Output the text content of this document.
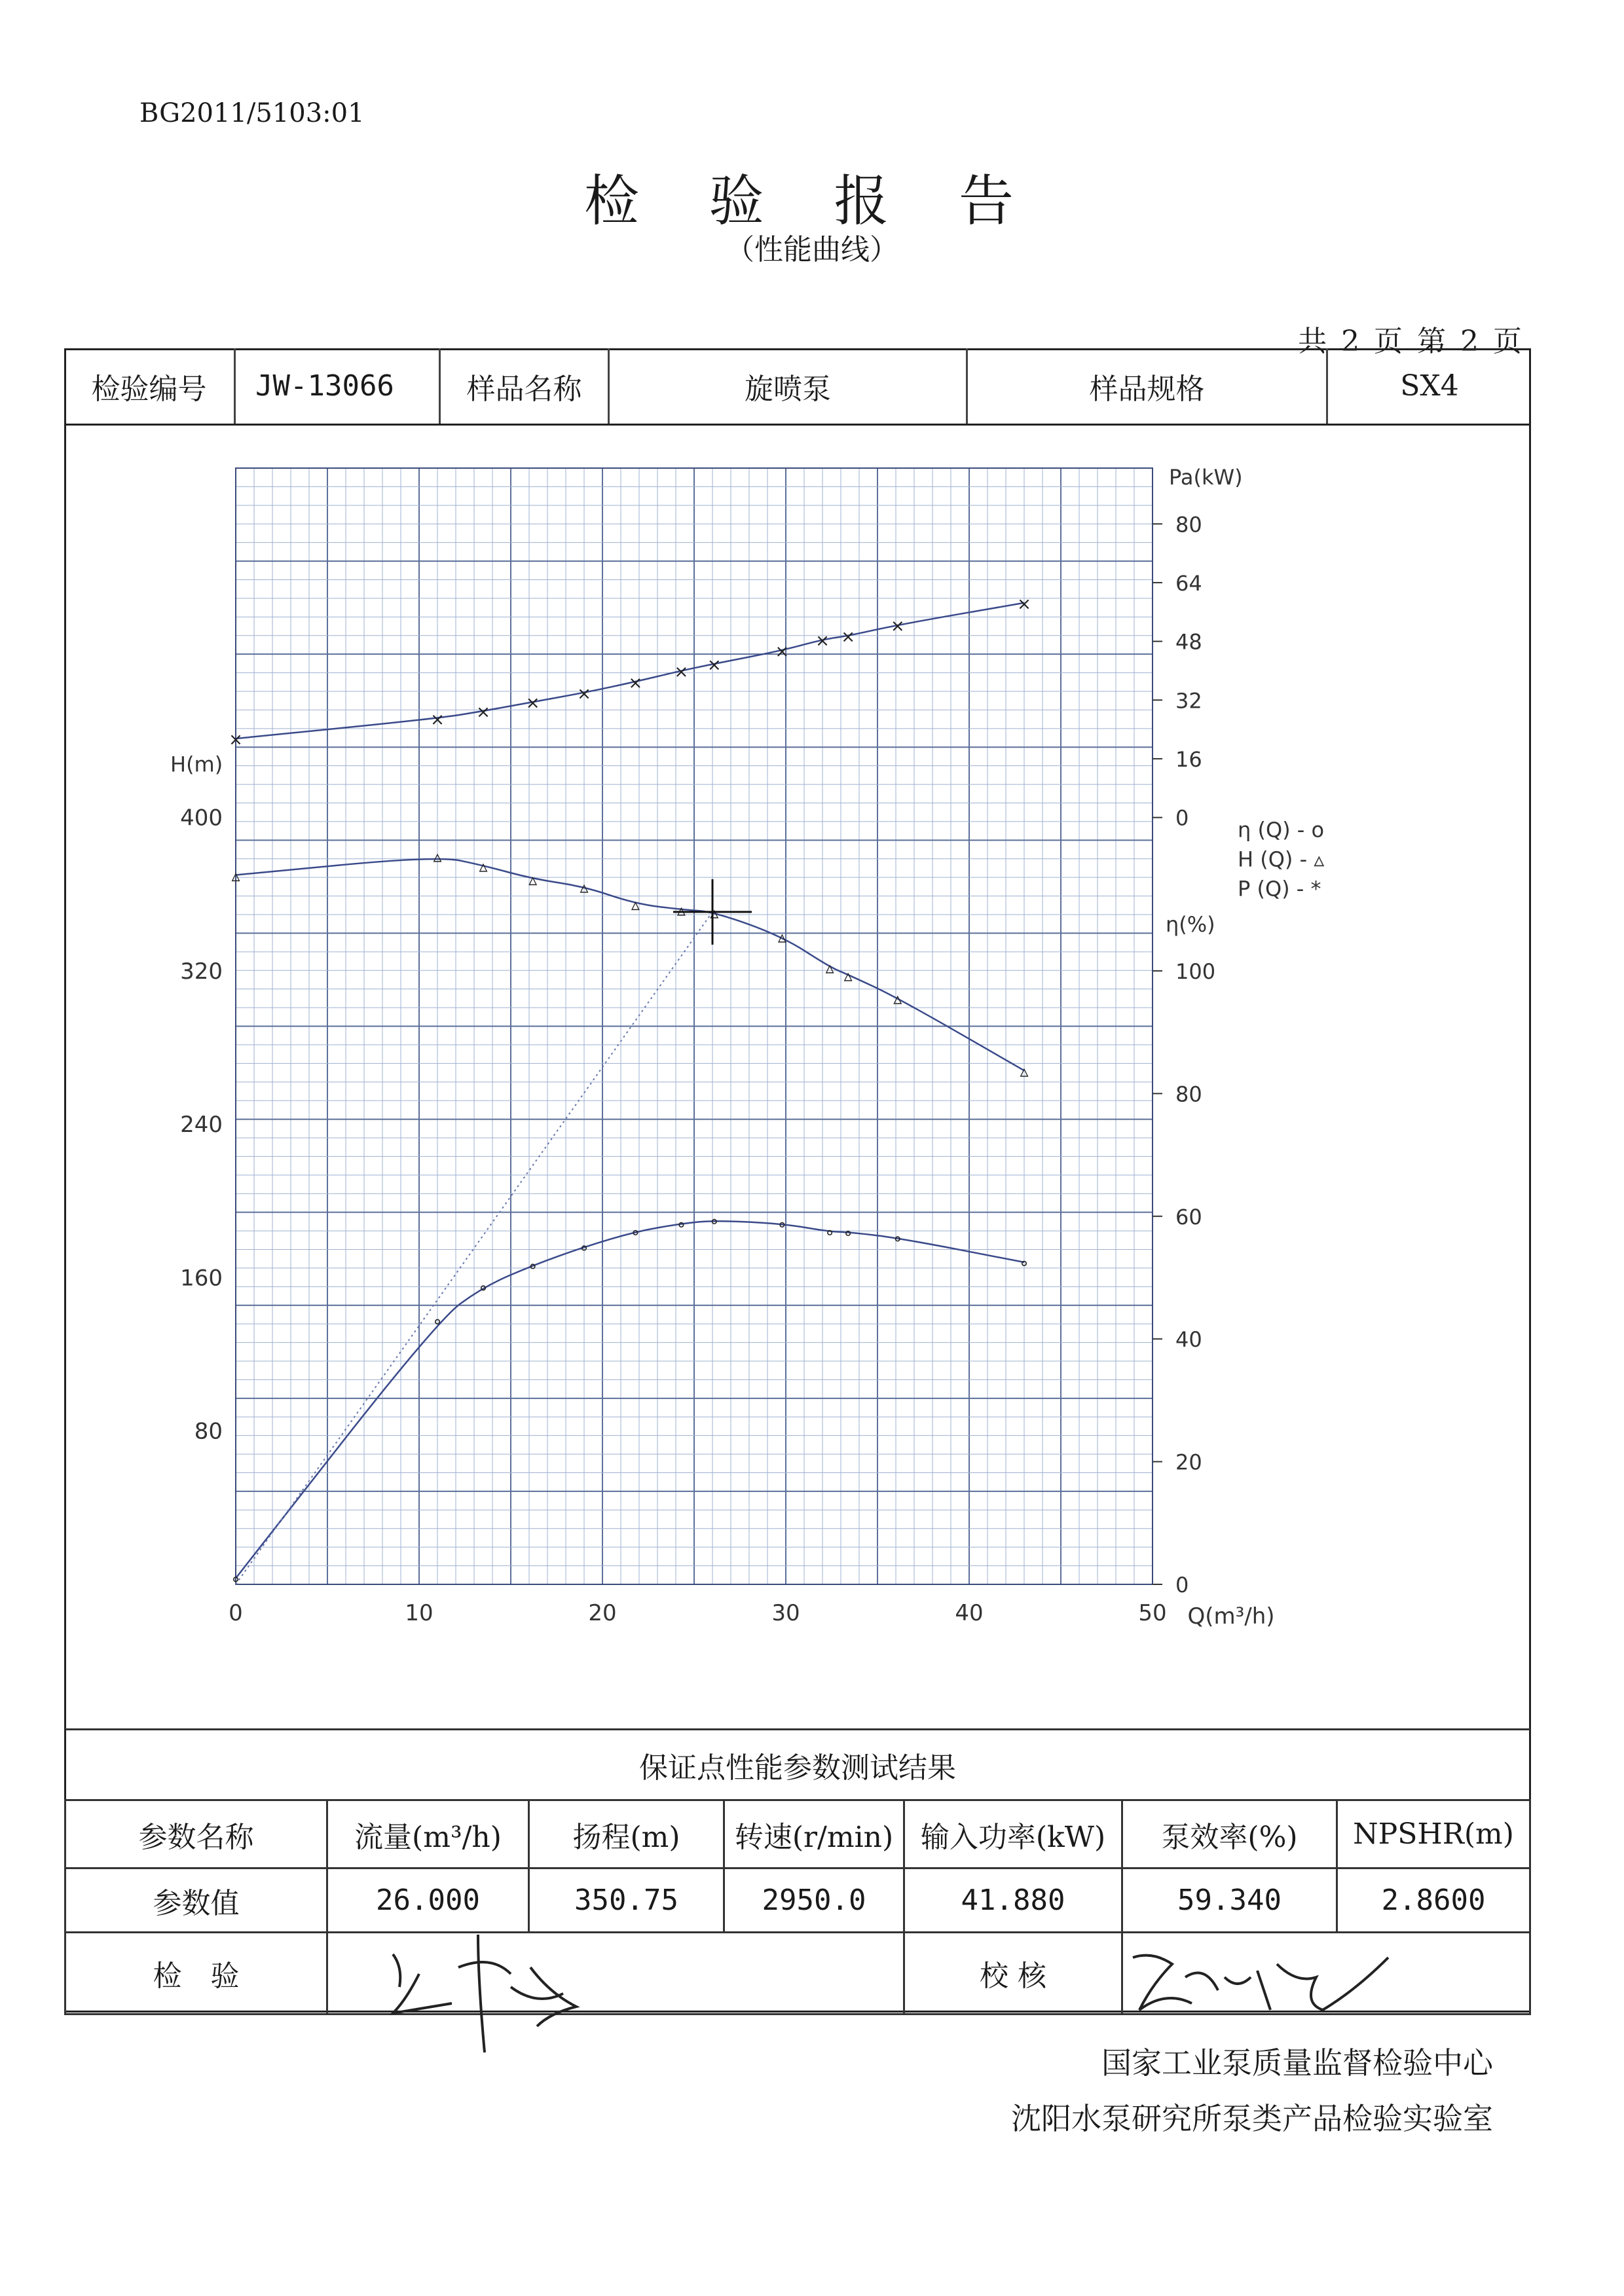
BG2011/5103:01
检 验 报 告
（性能曲线）
共 2 页 第 2 页
检验编号	JW-13066	样品名称	旋喷泵	样品规格	SX4
×
× × × ×
×
× ×
×
× ×
×
×
▵
▵ ▵
▵	▵
▵ ▵ ▵
▵
▵ ▵
▵
▵
∘
∘
∘
∘
∘
∘ ∘ ∘	∘ ∘ ∘ ∘
∘
0	10	20	30	40	50 Q(m³/h)
80
160
240
320
400
H(m)
0
16
32
48
64
80
Pa(kW)
0
20
40
60
80
100
η(%)
η (Q) - o
H (Q) - ▵
P (Q) - *
保证点性能参数测试结果						
参数名称	流量(m³/h)	扬程(m)	转速(r/min)	输入功率(kW)	泵效率(%)	NPSHR(m)
参数值	26.000	350.75	2950.0	41.880	59.340	2.8600
检　验				校 核		
国家工业泵质量监督检验中心
沈阳水泵研究所泵类产品检验实验室
